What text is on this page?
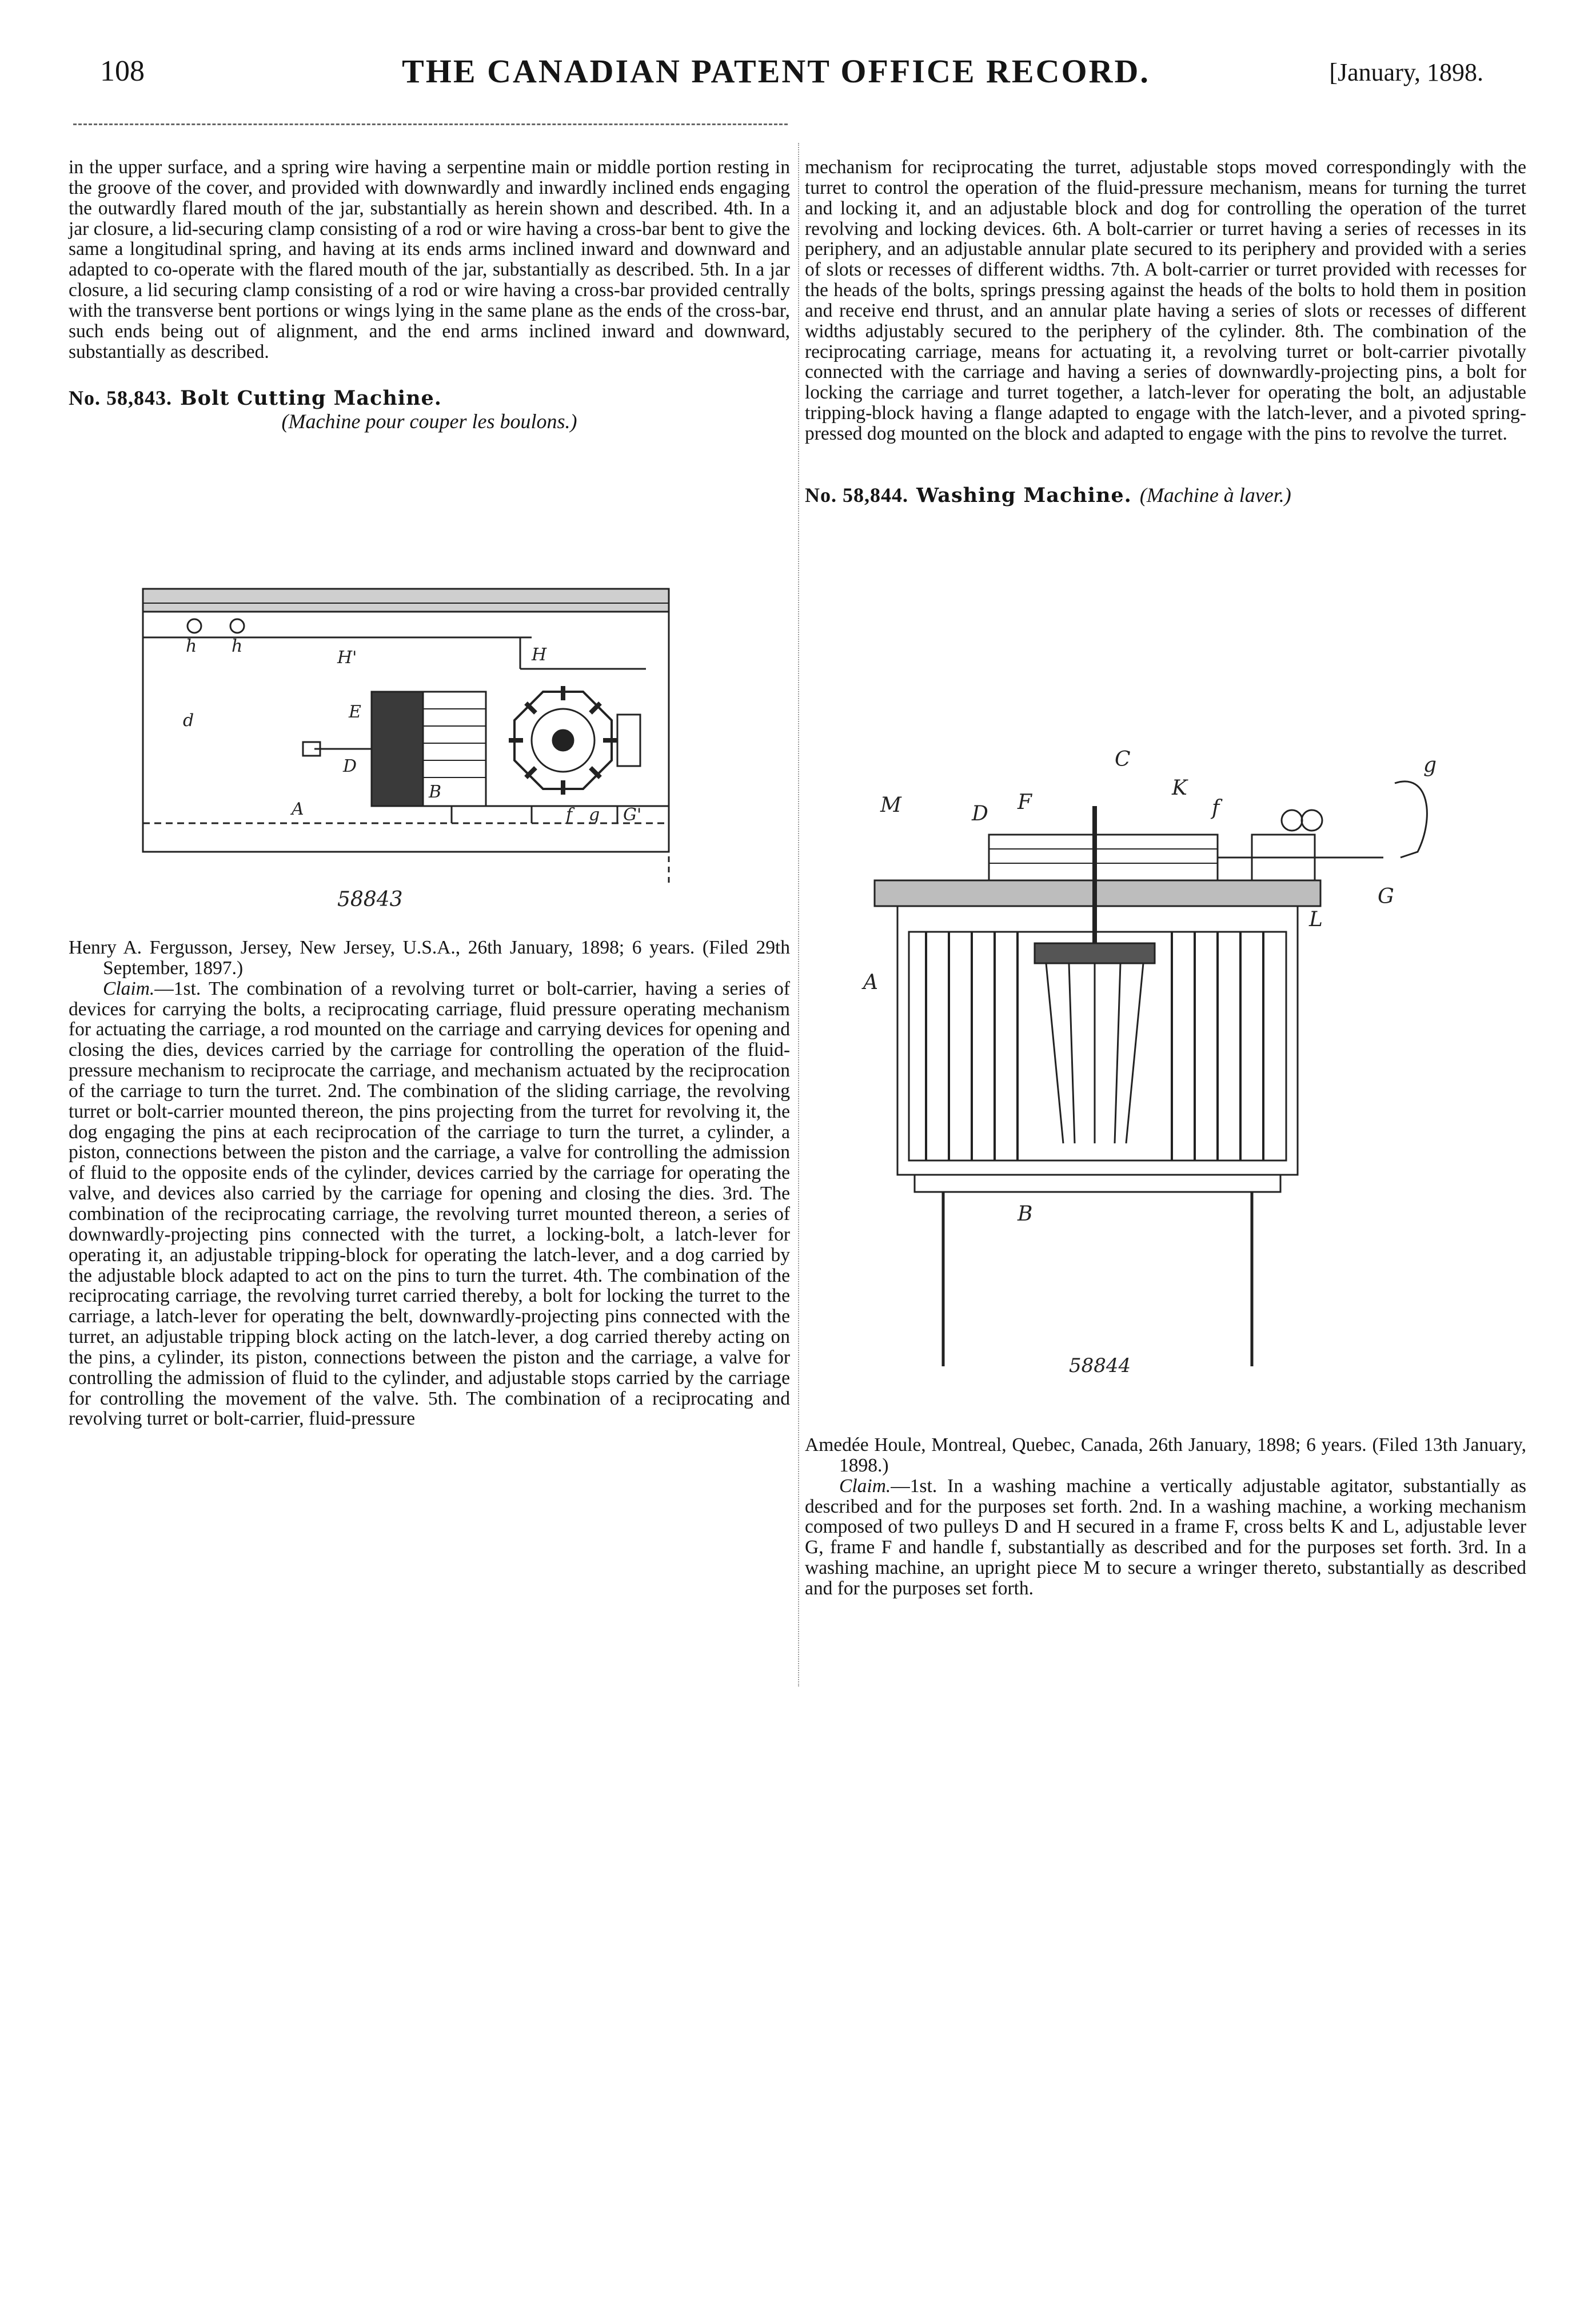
108	THE CANADIAN PATENT OFFICE RECORD.	[January, 1898.

in the upper surface, and a spring wire having a serpentine main or middle portion resting in the groove of the cover, and provided with downwardly and inwardly inclined ends engaging the outwardly flared mouth of the jar, substantially as herein shown and described. 4th. In a jar closure, a lid-securing clamp consisting of a rod or wire having a cross-bar bent to give the same a longitudinal spring, and having at its ends arms inclined inward and downward and adapted to co-operate with the flared mouth of the jar, substantially as described. 5th. In a jar closure, a lid securing clamp consisting of a rod or wire having a cross-bar provided centrally with the transverse bent portions or wings lying in the same plane as the ends of the cross-bar, such ends being out of alignment, and the end arms inclined inward and downward, substantially as described.

No. 58,843. Bolt Cutting Machine.
(Machine pour couper les boulons.)
h h
H'	H
d	E
D
B
A	f g G'
58843

Henry A. Fergusson, Jersey, New Jersey, U.S.A., 26th January, 1898; 6 years. (Filed 29th September, 1897.)

Claim.—1st. The combination of a revolving turret or bolt-carrier, having a series of devices for carrying the bolts, a reciprocating carriage, fluid pressure operating mechanism for actuating the carriage, a rod mounted on the carriage and carrying devices for opening and closing the dies, devices carried by the carriage for controlling the operation of the fluid-pressure mechanism to reciprocate the carriage, and mechanism actuated by the reciprocation of the carriage to turn the turret. 2nd. The combination of the sliding carriage, the revolving turret or bolt-carrier mounted thereon, the pins projecting from the turret for revolving it, the dog engaging the pins at each reciprocation of the carriage to turn the turret, a cylinder, a piston, connections between the piston and the carriage, a valve for controlling the admission of fluid to the opposite ends of the cylinder, devices carried by the carriage for operating the valve, and devices also carried by the carriage for opening and closing the dies. 3rd. The combination of the reciprocating carriage, the revolving turret mounted thereon, a series of downwardly-projecting pins connected with the turret, a locking-bolt, a latch-lever for operating it, an adjustable tripping-block for operating the latch-lever, and a dog carried by the adjustable block adapted to act on the pins to turn the turret. 4th. The combination of the reciprocating carriage, the revolving turret carried thereby, a bolt for locking the turret to the carriage, a latch-lever for operating the belt, downwardly-projecting pins connected with the turret, an adjustable tripping block acting on the latch-lever, a dog carried thereby acting on the pins, a cylinder, its piston, connections between the piston and the carriage, a valve for controlling the admission of fluid to the cylinder, and adjustable stops carried by the carriage for controlling the movement of the valve. 5th. The combination of a reciprocating and revolving turret or bolt-carrier, fluid-pressure

mechanism for reciprocating the turret, adjustable stops moved correspondingly with the turret to control the operation of the fluid-pressure mechanism, means for turning the turret and locking it, and an adjustable block and dog for controlling the operation of the turret revolving and locking devices. 6th. A bolt-carrier or turret having a series of recesses in its periphery, and an adjustable annular plate secured to its periphery and provided with a series of slots or recesses of different widths. 7th. A bolt-carrier or turret provided with recesses for the heads of the bolts, springs pressing against the heads of the bolts to hold them in position and receive end thrust, and an annular plate having a series of slots or recesses of different widths adjustably secured to the periphery of the cylinder. 8th. The combination of the reciprocating carriage, means for actuating it, a revolving turret or bolt-carrier pivotally connected with the carriage and having a series of downwardly-projecting pins, a bolt for locking the carriage and turret together, a latch-lever for operating the bolt, an adjustable tripping-block having a flange adapted to engage with the latch-lever, and a pivoted spring-pressed dog mounted on the block and adapted to engage with the pins to revolve the turret.

No. 58,844. Washing Machine. (Machine à laver.)
C
M	D F
K
f
g
G
L
A
B
58844

Amedée Houle, Montreal, Quebec, Canada, 26th January, 1898; 6 years. (Filed 13th January, 1898.)

Claim.—1st. In a washing machine a vertically adjustable agitator, substantially as described and for the purposes set forth. 2nd. In a washing machine, a working mechanism composed of two pulleys D and H secured in a frame F, cross belts K and L, adjustable lever G, frame F and handle f, substantially as described and for the purposes set forth. 3rd. In a washing machine, an upright piece M to secure a wringer thereto, substantially as described and for the purposes set forth.
